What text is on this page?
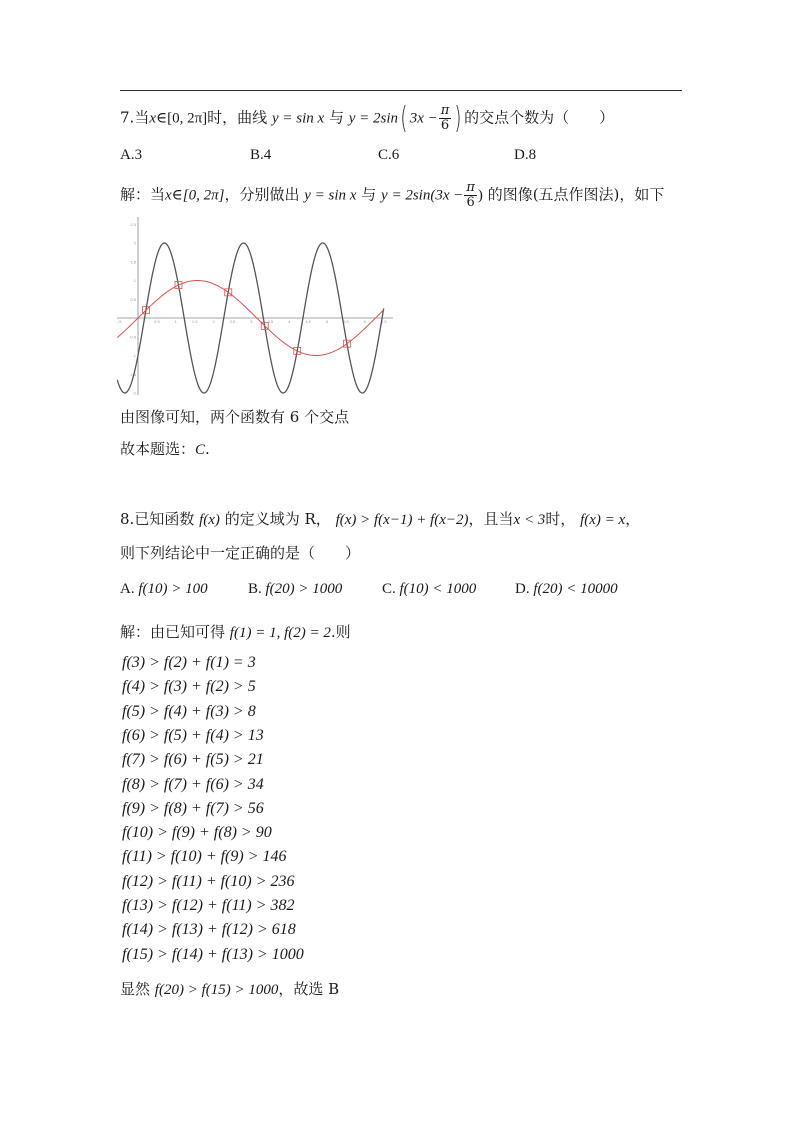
7.当x∈[0, 2π]时，曲线 y = sin x 与 y = 2sin( $3x - \frac{\pi}{6}$ ) 的交点个数为（　　）
A.3	B.4	C.6	D.8
解：当x∈[0, 2π]，分别做出 y = sin x 与 $y = 2\sin(3x - \frac{\pi}{6}$ ) 的图像(五点作图法)，如下
2.5
2
1.5
1
0.5
-0.5
-1
-1.5
-2
-.5	0.5	1	1.5	2	2.5	3	3.5	4	4.5	5	5.5	6	6.5
由图像可知，两个函数有 6 个交点
故本题选：C.
8.已知函数 f(x) 的定义域为 R， f(x) > f(x−1) + f(x−2)，且当x < 3时， f(x) = x，
则下列结论中一定正确的是（　　）
A. f(10) > 100	B. f(20) > 1000	C. f(10) < 1000	D. f(20) < 10000
解：由已知可得 f(1) = 1, f(2) = 2.则
f(3) > f(2) + f(1) = 3
f(4) > f(3) + f(2) > 5
f(5) > f(4) + f(3) > 8
f(6) > f(5) + f(4) > 13
f(7) > f(6) + f(5) > 21
f(8) > f(7) + f(6) > 34
f(9) > f(8) + f(7) > 56
f(10) > f(9) + f(8) > 90
f(11) > f(10) + f(9) > 146
f(12) > f(11) + f(10) > 236
f(13) > f(12) + f(11) > 382
f(14) > f(13) + f(12) > 618
f(15) > f(14) + f(13) > 1000
显然 f(20) > f(15) > 1000，故选 B
